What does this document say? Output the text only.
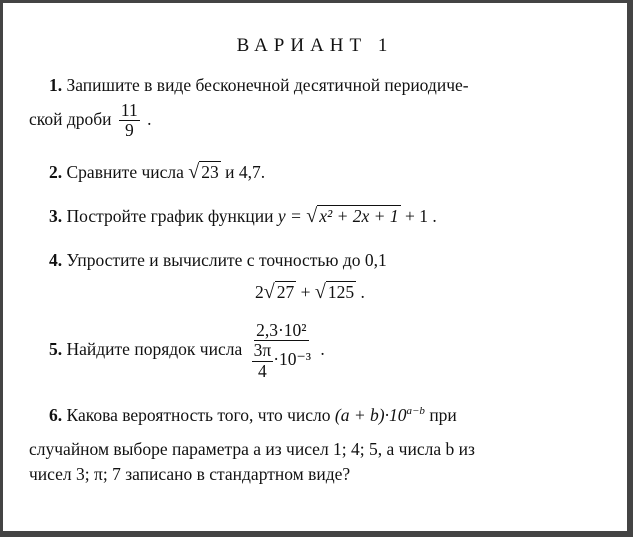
ВАРИАНТ 1
1. Запишите в виде бесконечной десятичной периодиче-
ской дроби $\frac{11}{9}$ .
2. Сравните числа √ 23 и 4,7.
3. Постройте график функции y = √ x² + 2x + 1 + 1 .
4. Упростите и вычислите с точностью до 0,1
2√ 27 + √ 125 .
5. Найдите порядок числа $\frac{\text{2,3·10²}}{\frac{3\pi}{4} \cdot 10^{-3}}$ .
6. Какова вероятность того, что число $(a + b)\cdot 10^{a-b}$ при
случайном выборе параметра a из чисел 1; 4; 5, а числа b из
чисел 3; π; 7 записано в стандартном виде?
